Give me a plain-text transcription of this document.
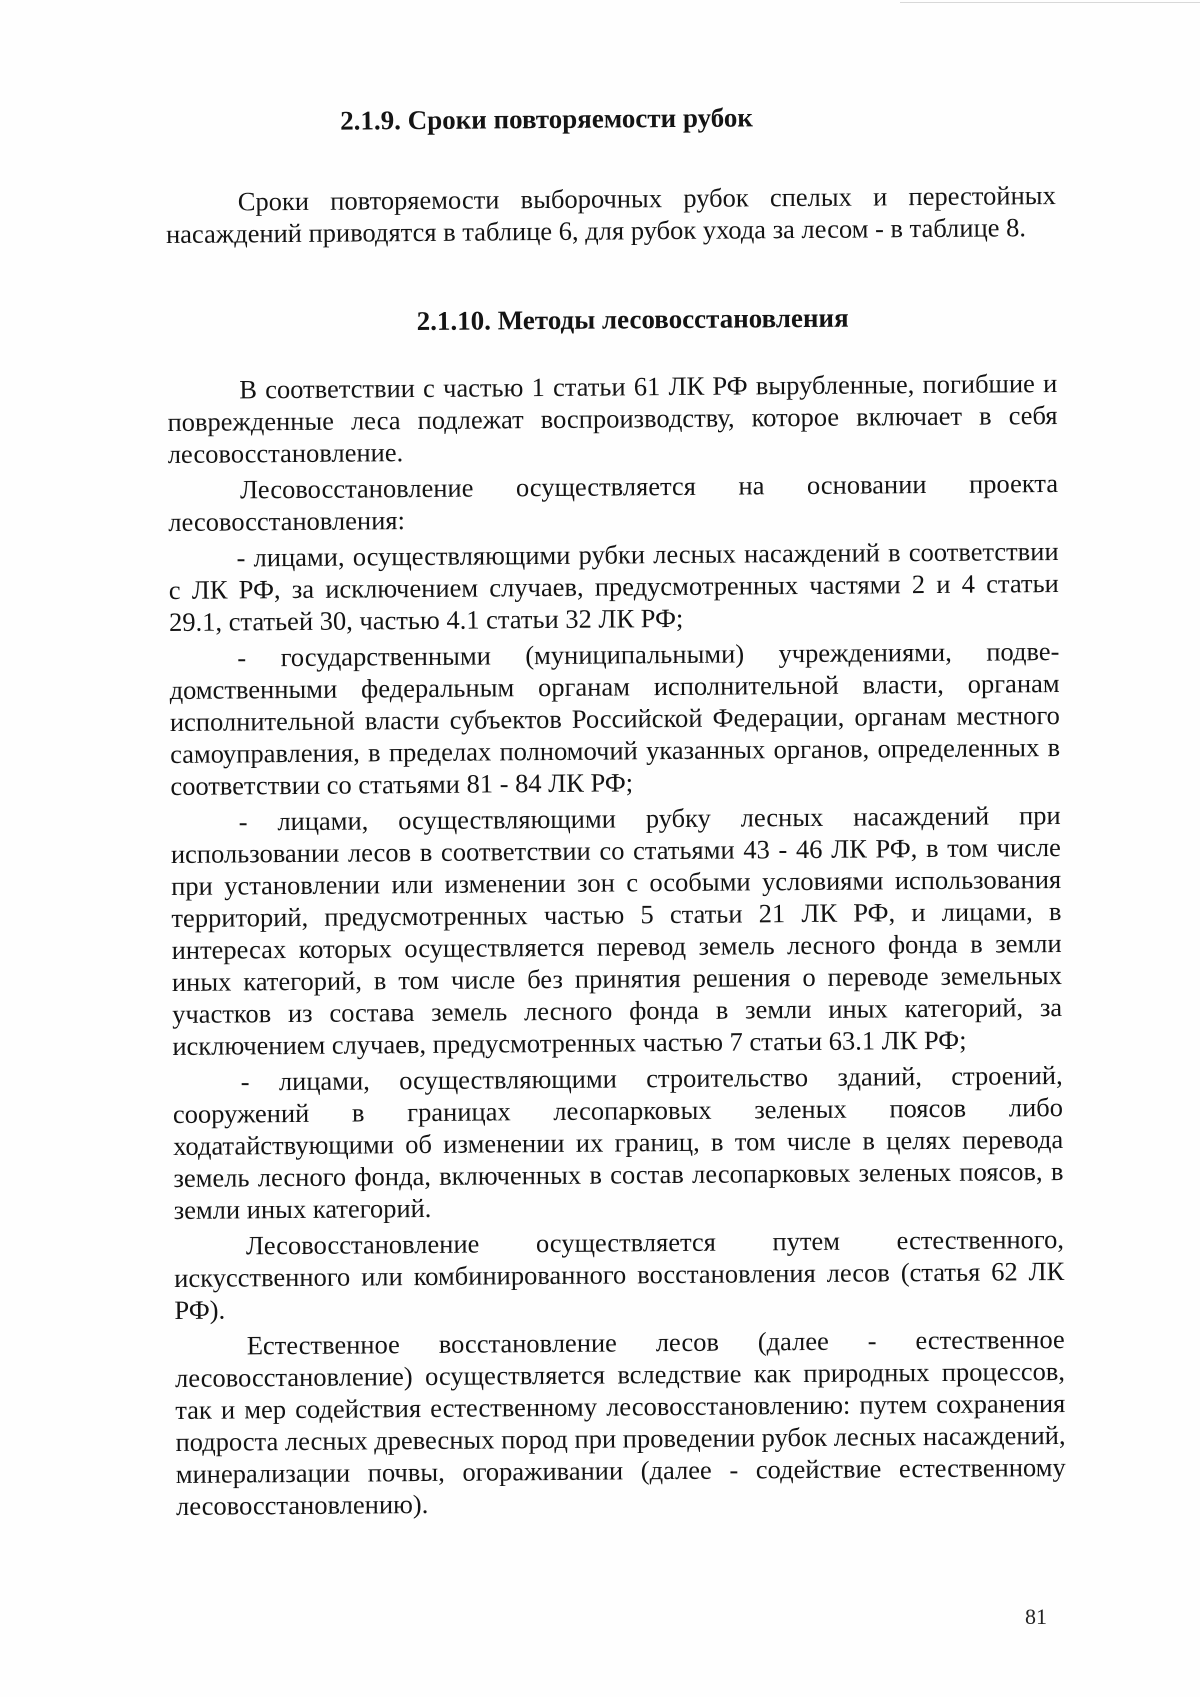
2.1.9. Сроки повторяемости рубок

Сроки повторяемости выборочных рубок спелых и перестойных насаждений приводятся в таблице 6, для рубок ухода за лесом - в таблице 8.

2.1.10. Методы лесовосстановления

В соответствии с частью 1 статьи 61 ЛК РФ вырубленные, погибшие и поврежденные леса подлежат воспроизводству, которое включает в себя лесовосстановление.

Лесовосстановление осуществляется на основании проекта лесовосстановления:

- лицами, осуществляющими рубки лесных насаждений в соответствии с ЛК РФ, за исключением случаев, предусмотренных частями 2 и 4 статьи 29.1, статьей 30, частью 4.1 статьи 32 ЛК РФ;

- государственными (муниципальными) учреждениями, подведомственными федеральным органам исполнительной власти, органам исполнительной власти субъектов Российской Федерации, органам местного самоуправления, в пределах полномочий указанных органов, определенных в соответствии со статьями 81 - 84 ЛК РФ;

- лицами, осуществляющими рубку лесных насаждений при использовании лесов в соответствии со статьями 43 - 46 ЛК РФ, в том числе при установлении или изменении зон с особыми условиями использования территорий, предусмотренных частью 5 статьи 21 ЛК РФ, и лицами, в интересах которых осуществляется перевод земель лесного фонда в земли иных категорий, в том числе без принятия решения о переводе земельных участков из состава земель лесного фонда в земли иных категорий, за исключением случаев, предусмотренных частью 7 статьи 63.1 ЛК РФ;

- лицами, осуществляющими строительство зданий, строений, сооружений в границах лесопарковых зеленых поясов либо ходатайствующими об изменении их границ, в том числе в целях перевода земель лесного фонда, включенных в состав лесопарковых зеленых поясов, в земли иных категорий.

Лесовосстановление осуществляется путем естественного, искусственного или комбинированного восстановления лесов (статья 62 ЛК РФ).

Естественное восстановление лесов (далее - естественное лесовосстановление) осуществляется вследствие как природных процессов, так и мер содействия естественному лесовосстановлению: путем сохранения подроста лесных древесных пород при проведении рубок лесных насаждений, минерализации почвы, огораживании (далее - содействие естественному лесовосстановлению).

81
